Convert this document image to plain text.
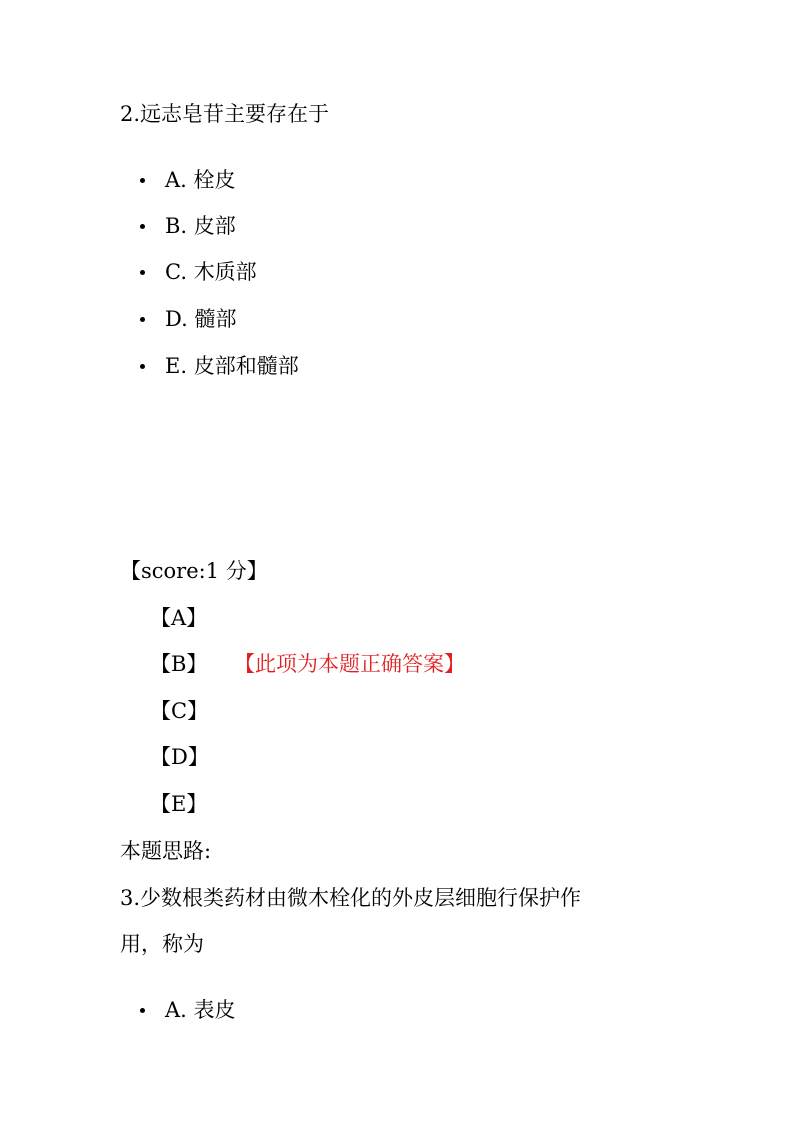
2.远志皂苷主要存在于
A. 栓皮
B. 皮部
C. 木质部
D. 髓部
E. 皮部和髓部
【score:1 分】
【A】
【B】 【此项为本题正确答案】
【C】
【D】
【E】
本题思路:
3.少数根类药材由微木栓化的外皮层细胞行保护作
用，称为
A. 表皮
